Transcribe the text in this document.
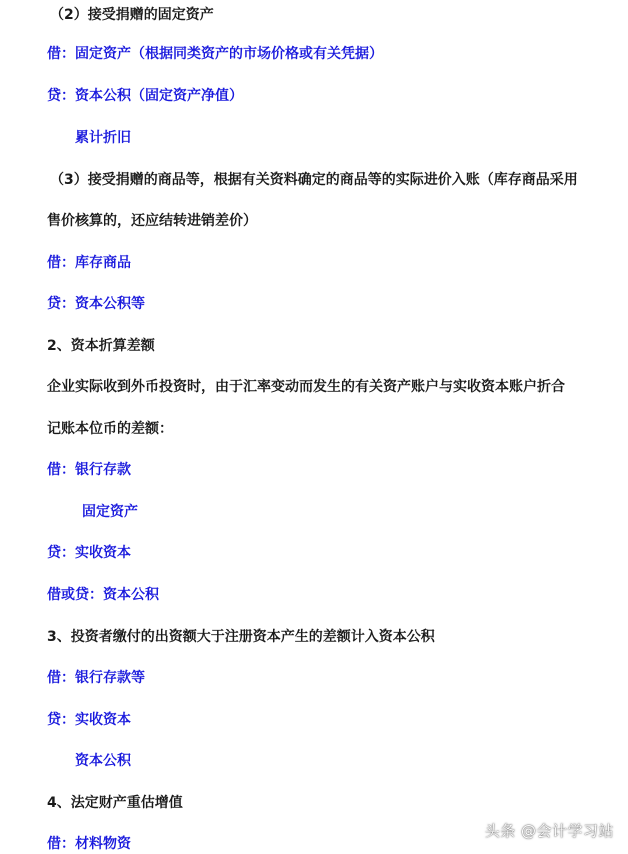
（2）接受捐赠的固定资产
借：固定资产（根据同类资产的市场价格或有关凭据）
贷：资本公积（固定资产净值）
累计折旧
（3）接受捐赠的商品等，根据有关资料确定的商品等的实际进价入账（库存商品采用
售价核算的，还应结转进销差价）
借：库存商品
贷：资本公积等
2、资本折算差额
企业实际收到外币投资时，由于汇率变动而发生的有关资产账户与实收资本账户折合
记账本位币的差额：
借：银行存款
固定资产
贷：实收资本
借或贷：资本公积
3、投资者缴付的出资额大于注册资本产生的差额计入资本公积
借：银行存款等
贷：实收资本
资本公积
4、法定财产重估增值
借：材料物资
头条 @会计学习站
